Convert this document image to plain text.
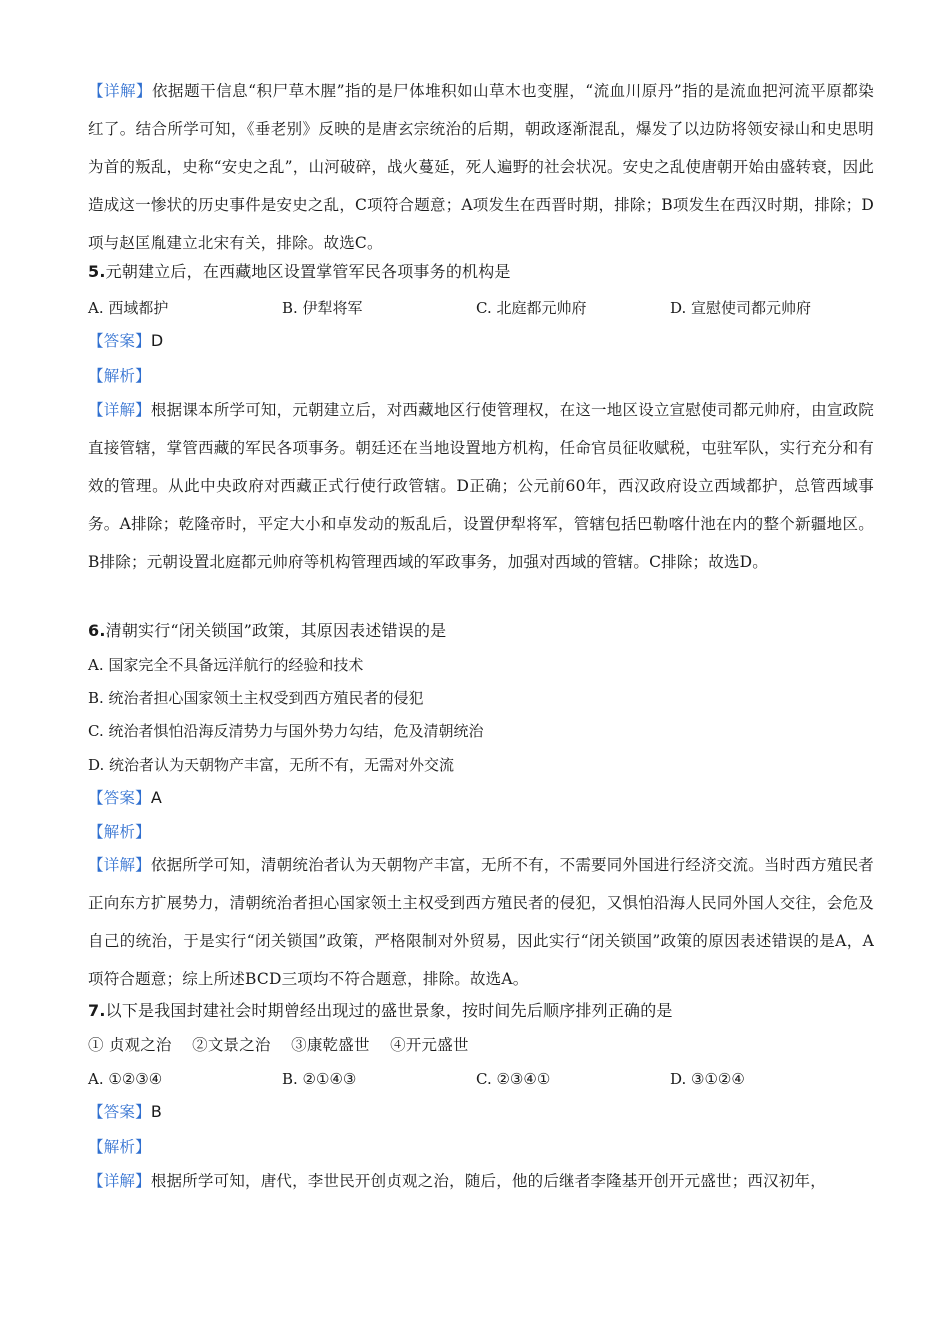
【详解】依据题干信息“积尸草木腥”指的是尸体堆积如山草木也变腥，“流血川原丹”指的是流血把河流平原都染红了。结合所学可知，《垂老别》反映的是唐玄宗统治的后期，朝政逐渐混乱，爆发了以边防将领安禄山和史思明为首的叛乱，史称“安史之乱”，山河破碎，战火蔓延，死人遍野的社会状况。安史之乱使唐朝开始由盛转衰，因此造成这一惨状的历史事件是安史之乱，C项符合题意；A项发生在西晋时期，排除；B项发生在西汉时期，排除；D项与赵匡胤建立北宋有关，排除。故选C。

5.元朝建立后，在西藏地区设置掌管军民各项事务的机构是

A. 西域都护	B. 伊犁将军	C. 北庭都元帅府	D. 宣慰使司都元帅府

【答案】D

【解析】

【详解】根据课本所学可知，元朝建立后，对西藏地区行使管理权，在这一地区设立宣慰使司都元帅府，由宣政院直接管辖，掌管西藏的军民各项事务。朝廷还在当地设置地方机构，任命官员征收赋税，屯驻军队，实行充分和有效的管理。从此中央政府对西藏正式行使行政管辖。D正确；公元前60年，西汉政府设立西域都护，总管西域事务。A排除；乾隆帝时，平定大小和卓发动的叛乱后，设置伊犁将军，管辖包括巴勒喀什池在内的整个新疆地区。B排除；元朝设置北庭都元帅府等机构管理西域的军政事务，加强对西域的管辖。C排除；故选D。

6.清朝实行“闭关锁国”政策，其原因表述错误的是

A. 国家完全不具备远洋航行的经验和技术

B. 统治者担心国家领土主权受到西方殖民者的侵犯

C. 统治者惧怕沿海反清势力与国外势力勾结，危及清朝统治

D. 统治者认为天朝物产丰富，无所不有，无需对外交流

【答案】A

【解析】

【详解】依据所学可知，清朝统治者认为天朝物产丰富，无所不有，不需要同外国进行经济交流。当时西方殖民者正向东方扩展势力，清朝统治者担心国家领土主权受到西方殖民者的侵犯，又惧怕沿海人民同外国人交往，会危及自己的统治，于是实行“闭关锁国”政策，严格限制对外贸易，因此实行“闭关锁国”政策的原因表述错误的是A，A项符合题意；综上所述BCD三项均不符合题意，排除。故选A。

7.以下是我国封建社会时期曾经出现过的盛世景象，按时间先后顺序排列正确的是

① 贞观之治    ②文景之治    ③康乾盛世    ④开元盛世

A. ①②③④	B. ②①④③	C. ②③④①	D. ③①②④

【答案】B

【解析】

【详解】根据所学可知，唐代，李世民开创贞观之治，随后，他的后继者李隆基开创开元盛世；西汉初年，
